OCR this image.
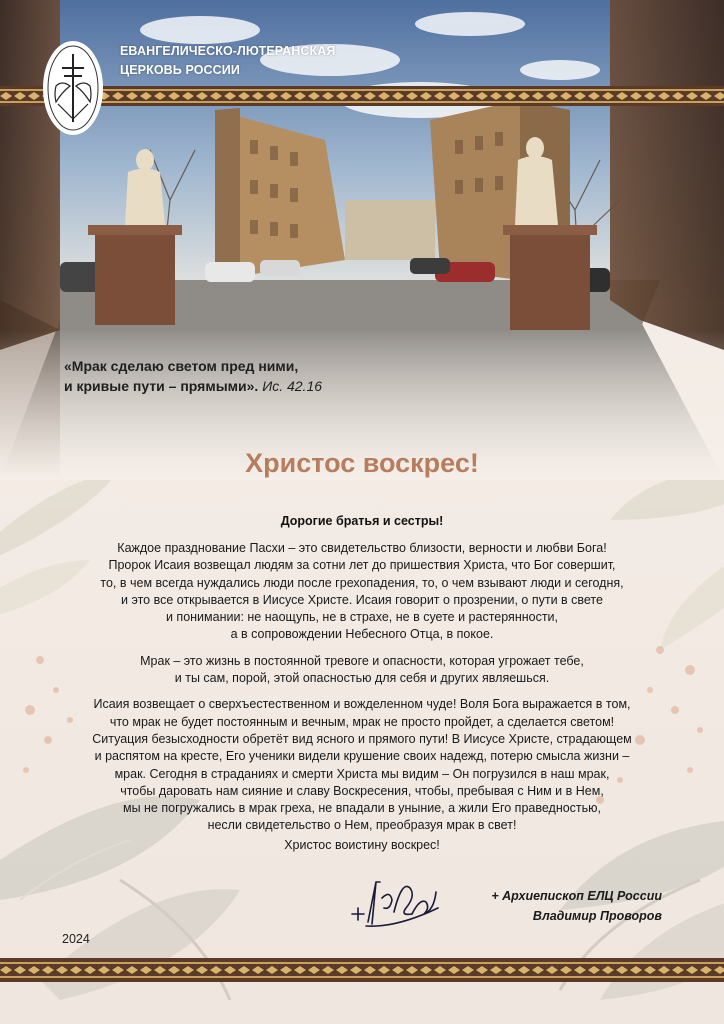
ЕВАНГЕЛИЧЕСКО-ЛЮТЕРАНСКАЯ
ЦЕРКОВЬ РОССИИ
«Мрак сделаю светом пред ними,
и кривые пути – прямыми». Ис. 42.16
Христос воскрес!
Дорогие братья и сестры!

Каждое празднование Пасхи – это свидетельство близости, верности и любви Бога!
Пророк Исаия возвещал людям за сотни лет до пришествия Христа, что Бог совершит,
то, в чем всегда нуждались люди после грехопадения, то, о чем взывают люди и сегодня,
и это все открывается в Иисусе Христе. Исаия говорит о прозрении, о пути в свете
и понимании: не наощупь, не в страхе, не в суете и растерянности,
а в сопровождении Небесного Отца, в покое.

Мрак – это жизнь в постоянной тревоге и опасности, которая угрожает тебе,
и ты сам, порой, этой опасностью для себя и других являешься.

Исаия возвещает о сверхъестественном и вожделенном чуде! Воля Бога выражается в том,
что мрак не будет постоянным и вечным, мрак не просто пройдет, а сделается светом!
Ситуация безысходности обретёт вид ясного и прямого пути! В Иисусе Христе, страдающем
и распятом на кресте, Его ученики видели крушение своих надежд, потерю смысла жизни –
мрак. Сегодня в страданиях и смерти Христа мы видим – Он погрузился в наш мрак,
чтобы даровать нам сияние и славу Воскресения, чтобы, пребывая с Ним и в Нем,
мы не погружались в мрак греха, не впадали в уныние, а жили Его праведностью,
несли свидетельство о Нем, преобразуя мрак в свет!

Христос воистину воскрес!
+ Архиепископ ЕЛЦ России
Владимир Проворов
2024
